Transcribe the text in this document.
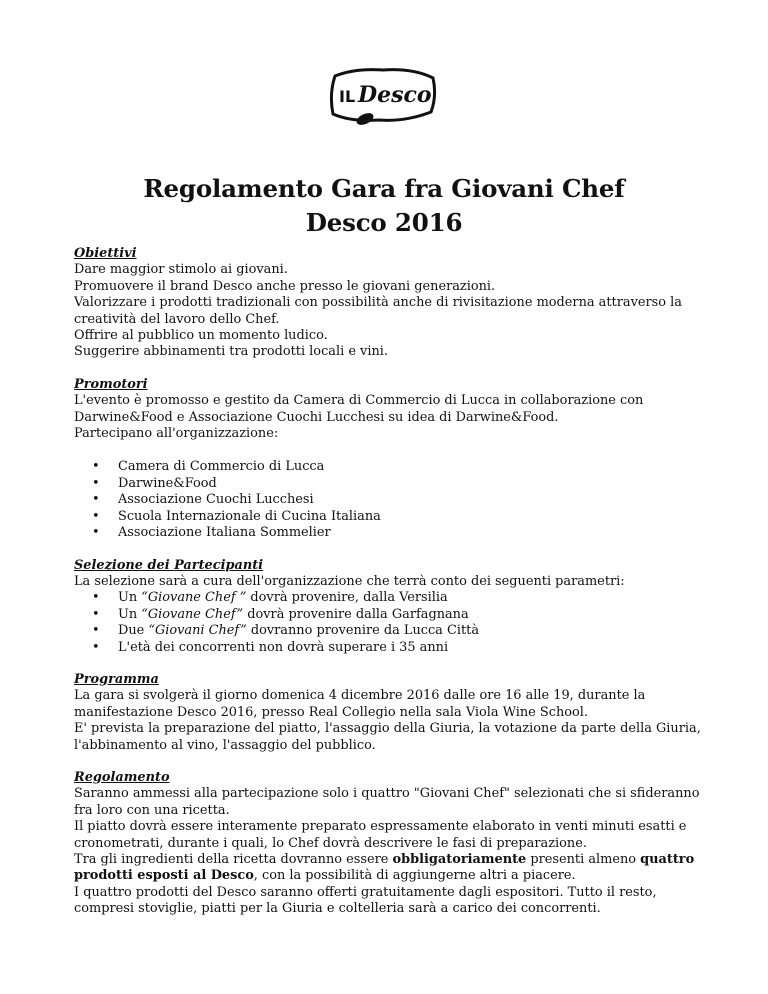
IL Desco
Regolamento Gara fra Giovani Chef
Desco 2016

Obiettivi

Dare maggior stimolo ai giovani.

Promuovere il brand Desco anche presso le giovani generazioni.

Valorizzare i prodotti tradizionali con possibilità anche di rivisitazione moderna attraverso la creatività del lavoro dello Chef.

Offrire al pubblico un momento ludico.

Suggerire abbinamenti tra prodotti locali e vini.

Promotori

L'evento è promosso e gestito da Camera di Commercio di Lucca in collaborazione con Darwine&Food e Associazione Cuochi Lucchesi su idea di Darwine&Food.

Partecipano all'organizzazione:

• Camera di Commercio di Lucca
• Darwine&Food
• Associazione Cuochi Lucchesi
• Scuola Internazionale di Cucina Italiana
• Associazione Italiana Sommelier

Selezione dei Partecipanti

La selezione sarà a cura dell'organizzazione che terrà conto dei seguenti parametri:

• Un “Giovane Chef ” dovrà provenire, dalla Versilia
• Un “Giovane Chef” dovrà provenire dalla Garfagnana
• Due “Giovani Chef” dovranno provenire da Lucca Città
• L'età dei concorrenti non dovrà superare i 35 anni

Programma

La gara si svolgerà il giorno domenica 4 dicembre 2016 dalle ore 16 alle 19, durante la manifestazione Desco 2016, presso Real Collegio nella sala Viola Wine School.

E' prevista la preparazione del piatto, l'assaggio della Giuria, la votazione da parte della Giuria, l'abbinamento al vino, l'assaggio del pubblico.

Regolamento

Saranno ammessi alla partecipazione solo i quattro "Giovani Chef" selezionati che si sfideranno fra loro con una ricetta.

Il piatto dovrà essere interamente preparato espressamente elaborato in venti minuti esatti e cronometrati, durante i quali, lo Chef dovrà descrivere le fasi di preparazione.

Tra gli ingredienti della ricetta dovranno essere obbligatoriamente presenti almeno quattro prodotti esposti al Desco, con la possibilità di aggiungerne altri a piacere.

I quattro prodotti del Desco saranno offerti gratuitamente dagli espositori. Tutto il resto, compresi stoviglie, piatti per la Giuria e coltelleria sarà a carico dei concorrenti.
